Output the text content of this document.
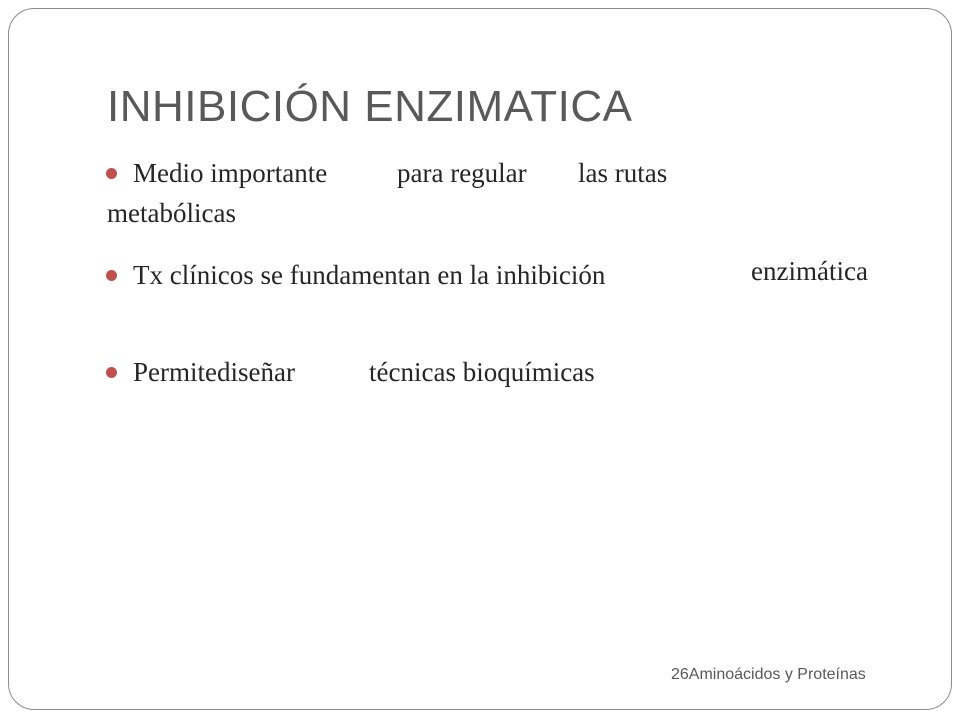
INHIBICIÓN ENZIMATICA
Medio importante	para regular las rutas
metabólicas
Tx clínicos se fundamentan en la inhibición	enzimática
Permitediseñar	técnicas bioquímicas
26Aminoácidos y Proteínas
